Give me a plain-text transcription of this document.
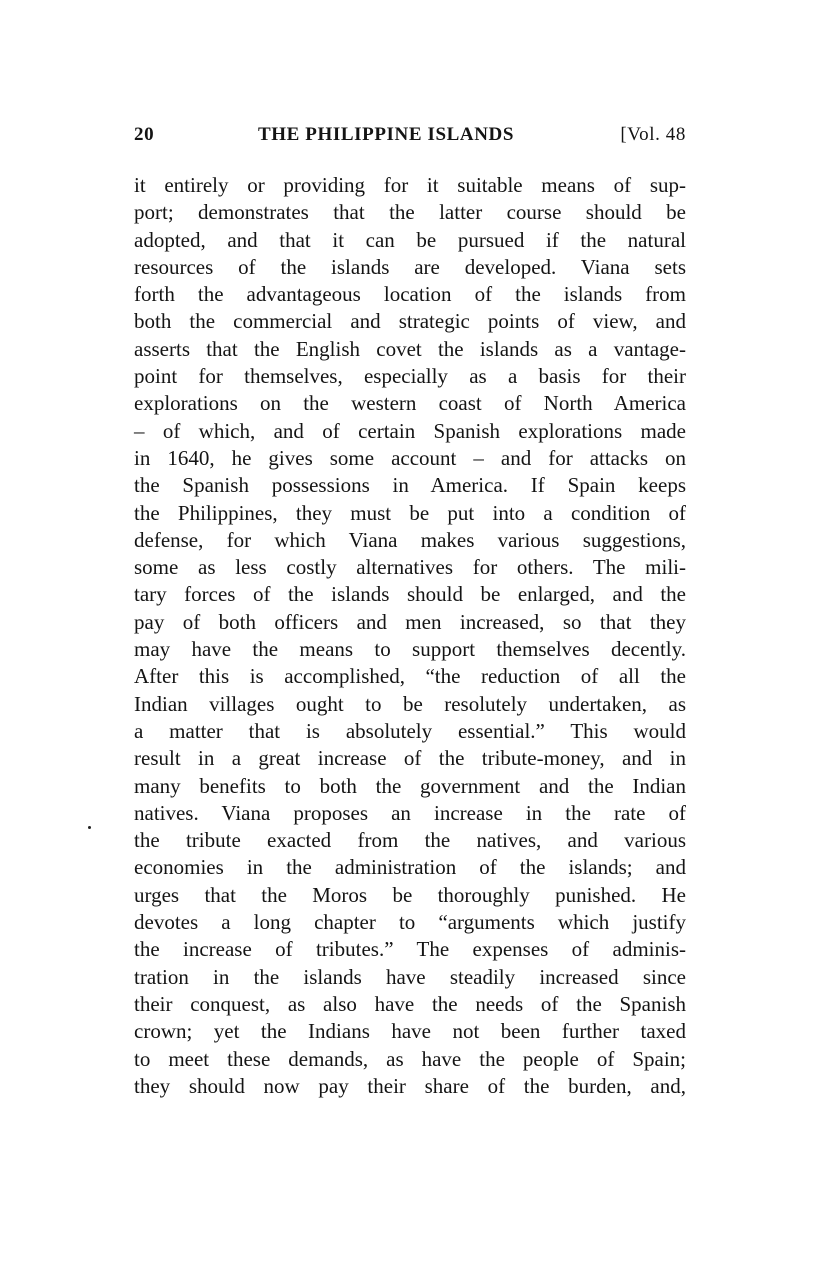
20	THE PHILIPPINE ISLANDS	[Vol. 48
it entirely or providing for it suitable means of sup-
port; demonstrates that the latter course should be
adopted, and that it can be pursued if the natural
resources of the islands are developed. Viana sets
forth the advantageous location of the islands from
both the commercial and strategic points of view, and
asserts that the English covet the islands as a vantage-
point for themselves, especially as a basis for their
explorations on the western coast of North America
– of which, and of certain Spanish explorations made
in 1640, he gives some account – and for attacks on
the Spanish possessions in America. If Spain keeps
the Philippines, they must be put into a condition of
defense, for which Viana makes various suggestions,
some as less costly alternatives for others. The mili-
tary forces of the islands should be enlarged, and the
pay of both officers and men increased, so that they
may have the means to support themselves decently.
After this is accomplished, “the reduction of all the
Indian villages ought to be resolutely undertaken, as
a matter that is absolutely essential.” This would
result in a great increase of the tribute-money, and in
many benefits to both the government and the Indian
natives. Viana proposes an increase in the rate of
the tribute exacted from the natives, and various
economies in the administration of the islands; and
urges that the Moros be thoroughly punished. He
devotes a long chapter to “arguments which justify
the increase of tributes.” The expenses of adminis-
tration in the islands have steadily increased since
their conquest, as also have the needs of the Spanish
crown; yet the Indians have not been further taxed
to meet these demands, as have the people of Spain;
they should now pay their share of the burden, and,
